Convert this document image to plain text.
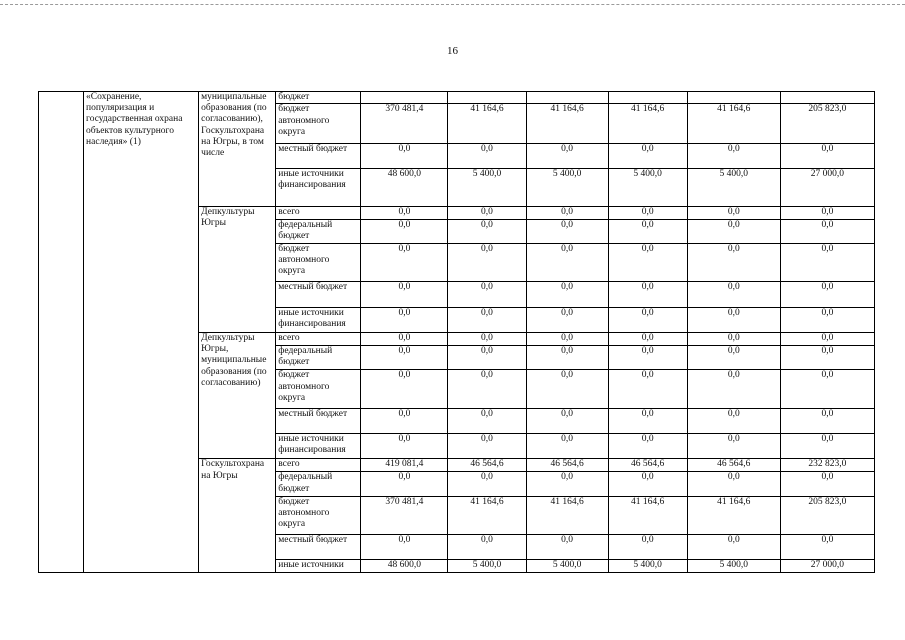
16
	«Сохранение, популяризация и государственная охрана объектов культурного наследия» (1)	муниципальные образования (по согласованию), Госкультохрана на Югры, в том числе	бюджет						
			бюджет автономного округа	370 481,4	41 164,6	41 164,6	41 164,6	41 164,6	205 823,0
			местный бюджет	0,0	0,0	0,0	0,0	0,0	0,0
			иные источники финансирования	48 600,0	5 400,0	5 400,0	5 400,0	5 400,0	27 000,0
		Депкультуры Югры	всего	0,0	0,0	0,0	0,0	0,0	0,0
			федеральный бюджет	0,0	0,0	0,0	0,0	0,0	0,0
			бюджет автономного округа	0,0	0,0	0,0	0,0	0,0	0,0
			местный бюджет	0,0	0,0	0,0	0,0	0,0	0,0
			иные источники финансирования	0,0	0,0	0,0	0,0	0,0	0,0
		Депкультуры Югры, муниципальные образования (по согласованию)	всего	0,0	0,0	0,0	0,0	0,0	0,0
			федеральный бюджет	0,0	0,0	0,0	0,0	0,0	0,0
			бюджет автономного округа	0,0	0,0	0,0	0,0	0,0	0,0
			местный бюджет	0,0	0,0	0,0	0,0	0,0	0,0
			иные источники финансирования	0,0	0,0	0,0	0,0	0,0	0,0
		Госкультохрана на Югры	всего	419 081,4	46 564,6	46 564,6	46 564,6	46 564,6	232 823,0
			федеральный бюджет	0,0	0,0	0,0	0,0	0,0	0,0
			бюджет автономного округа	370 481,4	41 164,6	41 164,6	41 164,6	41 164,6	205 823,0
			местный бюджет	0,0	0,0	0,0	0,0	0,0	0,0
			иные источники	48 600,0	5 400,0	5 400,0	5 400,0	5 400,0	27 000,0
